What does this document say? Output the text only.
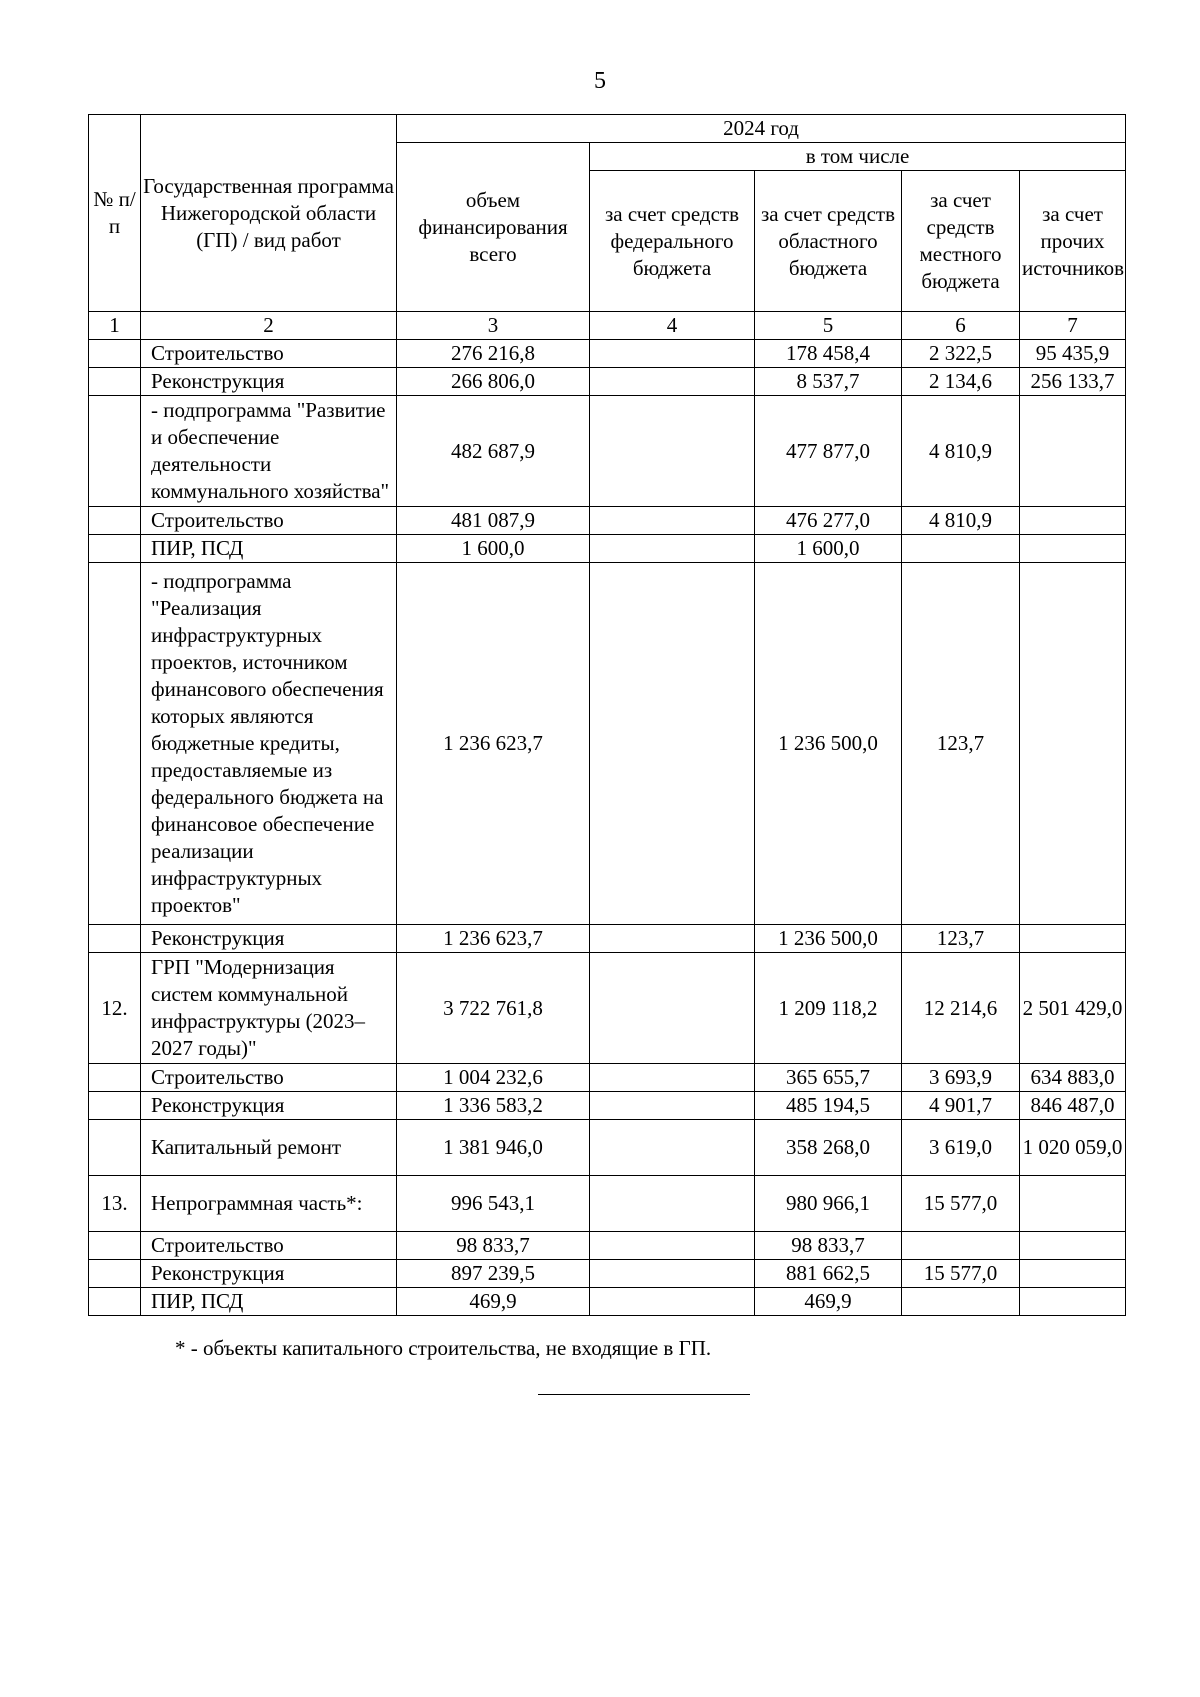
5
№ п/ п	Государственная программа Нижегородской области (ГП) / вид работ	2024 год				
		объем финансирования всего	в том числе			
			за счет средств федерального бюджета	за счет средств областного бюджета	за счет средств местного бюджета	за счет прочих источников
1	2	3	4	5	6	7
	Строительство	276 216,8		178 458,4	2 322,5	95 435,9
	Реконструкция	266 806,0		8 537,7	2 134,6	256 133,7
	- подпрограмма "Развитие и обеспечение деятельности коммунального хозяйства"	482 687,9		477 877,0	4 810,9	
	Строительство	481 087,9		476 277,0	4 810,9	
	ПИР, ПСД	1 600,0		1 600,0		
	- подпрограмма "Реализация инфраструктурных проектов, источником финансового обеспечения которых являются бюджетные кредиты, предоставляемые из федерального бюджета на финансовое обеспечение реализации инфраструктурных проектов"	1 236 623,7		1 236 500,0	123,7	
	Реконструкция	1 236 623,7		1 236 500,0	123,7	
12.	ГРП "Модернизация систем коммунальной инфраструктуры (2023–2027 годы)"	3 722 761,8		1 209 118,2	12 214,6	2 501 429,0
	Строительство	1 004 232,6		365 655,7	3 693,9	634 883,0
	Реконструкция	1 336 583,2		485 194,5	4 901,7	846 487,0
	Капитальный ремонт	1 381 946,0		358 268,0	3 619,0	1 020 059,0
13.	Непрограммная часть*:	996 543,1		980 966,1	15 577,0	
	Строительство	98 833,7		98 833,7		
	Реконструкция	897 239,5		881 662,5	15 577,0	
	ПИР, ПСД	469,9		469,9		
* - объекты капитального строительства, не входящие в ГП.
